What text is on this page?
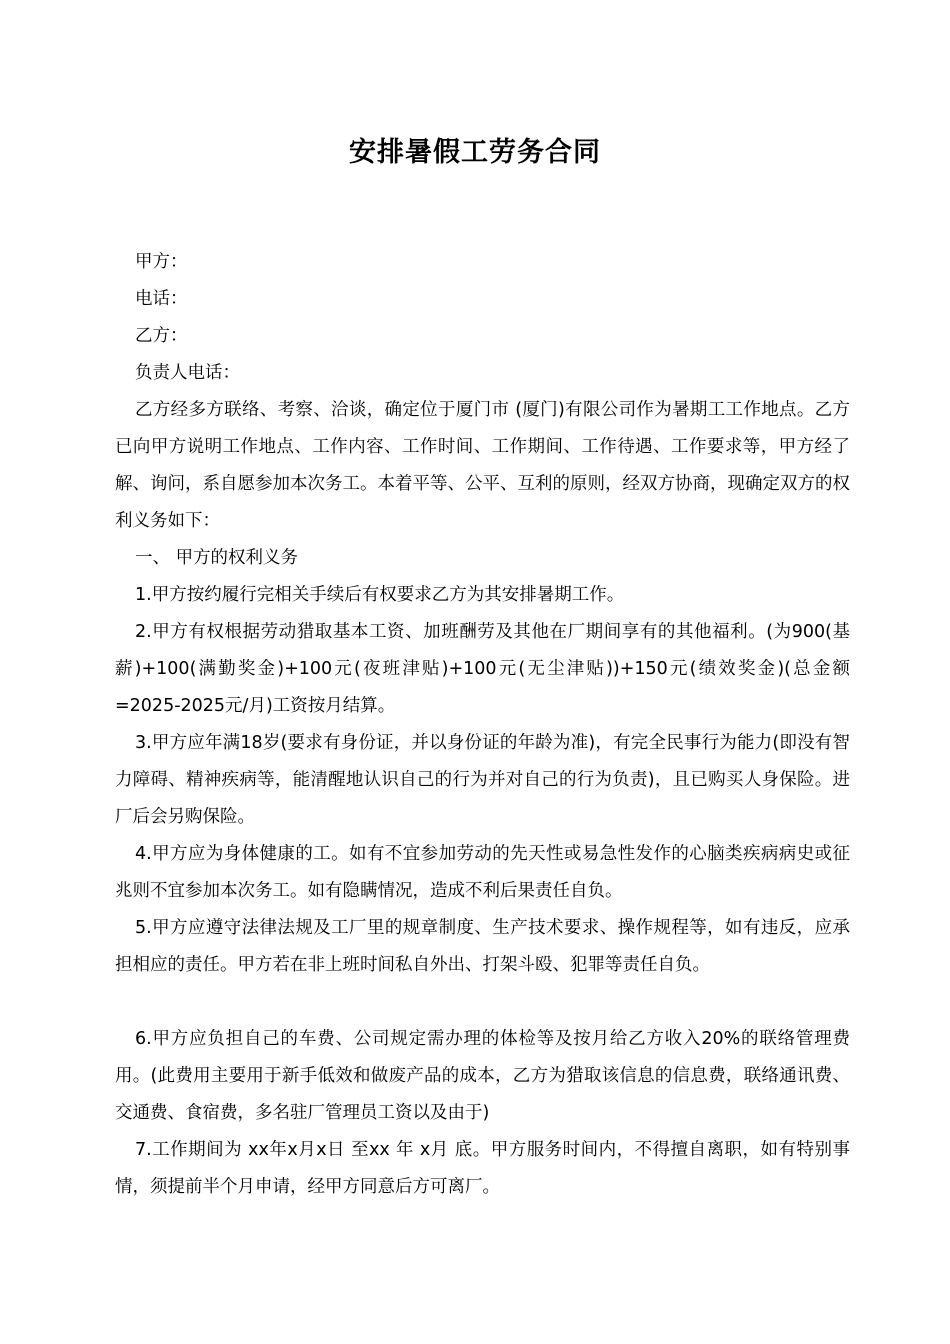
安排暑假工劳务合同

甲方：

电话：

乙方：

负责人电话：

乙方经多方联络、考察、洽谈，确定位于厦门市 (厦门)有限公司作为暑期工工作地点。乙方已向甲方说明工作地点、工作内容、工作时间、工作期间、工作待遇、工作要求等，甲方经了解、询问，系自愿参加本次务工。本着平等、公平、互利的原则，经双方协商，现确定双方的权利义务如下：

一、 甲方的权利义务

1.甲方按约履行完相关手续后有权要求乙方为其安排暑期工作。

2.甲方有权根据劳动猎取基本工资、加班酬劳及其他在厂期间享有的其他福利。(为900(基薪)+100(满勤奖金)+100元(夜班津贴)+100元(无尘津贴))+150元(绩效奖金)(总金额=2025-2025元/月)工资按月结算。

3.甲方应年满18岁(要求有身份证，并以身份证的年龄为准)，有完全民事行为能力(即没有智力障碍、精神疾病等，能清醒地认识自己的行为并对自己的行为负责)，且已购买人身保险。进厂后会另购保险。

4.甲方应为身体健康的工。如有不宜参加劳动的先天性或易急性发作的心脑类疾病病史或征兆则不宜参加本次务工。如有隐瞒情况，造成不利后果责任自负。

5.甲方应遵守法律法规及工厂里的规章制度、生产技术要求、操作规程等，如有违反，应承担相应的责任。甲方若在非上班时间私自外出、打架斗殴、犯罪等责任自负。

6.甲方应负担自己的车费、公司规定需办理的体检等及按月给乙方收入20%的联络管理费用。(此费用主要用于新手低效和做废产品的成本，乙方为猎取该信息的信息费，联络通讯费、交通费、食宿费，多名驻厂管理员工资以及由于)

7.工作期间为 xx年x月x日 至xx 年 x月 底。甲方服务时间内，不得擅自离职，如有特别事情，须提前半个月申请，经甲方同意后方可离厂。
